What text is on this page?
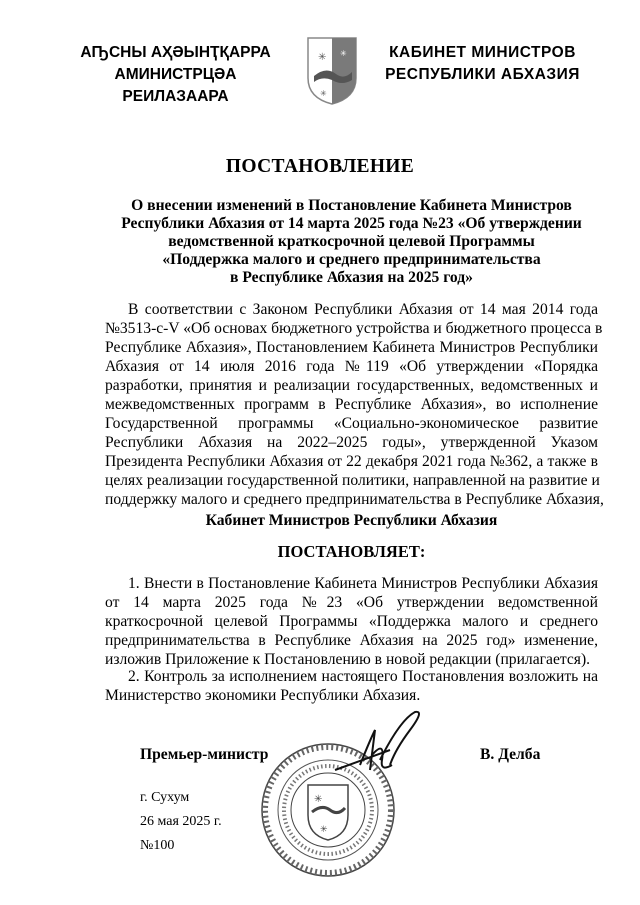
АҦСНЫ АҲӘЫНҬҚАРРА
АМИНИСТРЦӘА РЕИЛАЗААРА
✳ ✳
✳
КАБИНЕТ МИНИСТРОВ
РЕСПУБЛИКИ АБХАЗИЯ
ПОСТАНОВЛЕНИЕ
О внесении изменений в Постановление Кабинета Министров
Республики Абхазия от 14 марта 2025 года №23 «Об утверждении
ведомственной краткосрочной целевой Программы
«Поддержка малого и среднего предпринимательства
в Республике Абхазия на 2025 год»
В соответствии с Законом Республики Абхазия от 14 мая 2014 года
№3513-с-V «Об основах бюджетного устройства и бюджетного процесса в
Республике Абхазия», Постановлением Кабинета Министров Республики
Абхазия от 14 июля 2016 года №119 «Об утверждении «Порядка
разработки, принятия и реализации государственных, ведомственных и
межведомственных программ в Республике Абхазия», во исполнение
Государственной программы «Социально-экономическое развитие
Республики Абхазия на 2022–2025 годы», утвержденной Указом
Президента Республики Абхазия от 22 декабря 2021 года №362, а также в
целях реализации государственной политики, направленной на развитие и
поддержку малого и среднего предпринимательства в Республике Абхазия,
Кабинет Министров Республики Абхазия
ПОСТАНОВЛЯЕТ:
1. Внести в Постановление Кабинета Министров Республики Абхазия
от 14 марта 2025 года №23 «Об утверждении ведомственной
краткосрочной целевой Программы «Поддержка малого и среднего
предпринимательства в Республике Абхазия на 2025 год» изменение,
изложив Приложение к Постановлению в новой редакции (прилагается).
2. Контроль за исполнением настоящего Постановления возложить на
Министерство экономики Республики Абхазия.
✳
✳
Премьер-министр	В. Делба
г. Сухум
26 мая 2025 г.
№100
